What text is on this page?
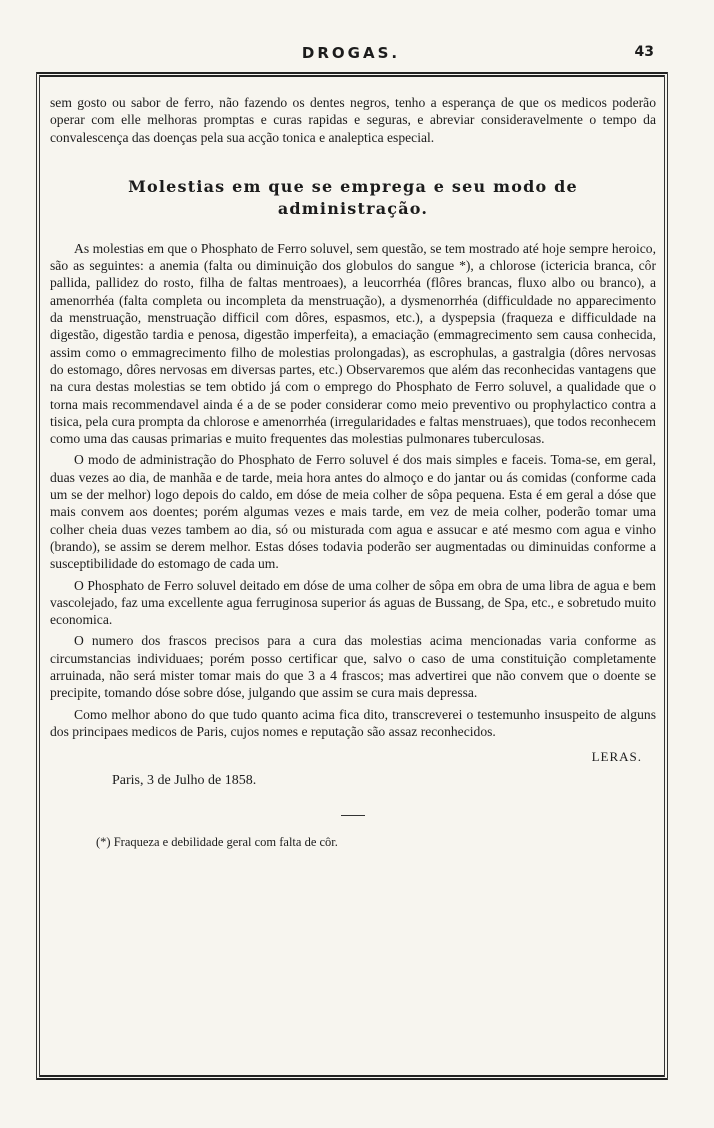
DROGAS.	43

sem gosto ou sabor de ferro, não fazendo os dentes negros, tenho a esperança de que os medicos poderão operar com elle melhoras promptas e curas rapidas e seguras, e abreviar consideravelmente o tempo da convalescença das doenças pela sua acção tonica e analeptica especial.

Molestias em que se emprega e seu modo de administração.

As molestias em que o Phosphato de Ferro soluvel, sem questão, se tem mostrado até hoje sempre heroico, são as seguintes: a anemia (falta ou diminuição dos globulos do sangue *), a chlorose (ictericia branca, côr pallida, pallidez do rosto, filha de faltas mentroaes), a leucorrhéa (flôres brancas, fluxo albo ou branco), a amenorrhéa (falta completa ou incompleta da menstruação), a dysmenorrhéa (difficuldade no apparecimento da menstruação, menstruação difficil com dôres, espasmos, etc.), a dyspepsia (fraqueza e difficuldade na digestão, digestão tardia e penosa, digestão imperfeita), a emaciação (emmagrecimento sem causa conhecida, assim como o emmagrecimento filho de molestias prolongadas), as escrophulas, a gastralgia (dôres nervosas do estomago, dôres nervosas em diversas partes, etc.) Observaremos que além das reconhecidas vantagens que na cura destas molestias se tem obtido já com o emprego do Phosphato de Ferro soluvel, a qualidade que o torna mais recommendavel ainda é a de se poder considerar como meio preventivo ou prophylactico contra a tisica, pela cura prompta da chlorose e amenorrhéa (irregularidades e faltas menstruaes), que todos reconhecem como uma das causas primarias e muito frequentes das molestias pulmonares tuberculosas.

O modo de administração do Phosphato de Ferro soluvel é dos mais simples e faceis. Toma-se, em geral, duas vezes ao dia, de manhãa e de tarde, meia hora antes do almoço e do jantar ou ás comidas (conforme cada um se der melhor) logo depois do caldo, em dóse de meia colher de sôpa pequena. Esta é em geral a dóse que mais convem aos doentes; porém algumas vezes e mais tarde, em vez de meia colher, poderão tomar uma colher cheia duas vezes tambem ao dia, só ou misturada com agua e assucar e até mesmo com agua e vinho (brando), se assim se derem melhor. Estas dóses todavia poderão ser augmentadas ou diminuidas conforme a susceptibilidade do estomago de cada um.

O Phosphato de Ferro soluvel deitado em dóse de uma colher de sôpa em obra de uma libra de agua e bem vascolejado, faz uma excellente agua ferruginosa superior ás aguas de Bussang, de Spa, etc., e sobretudo muito economica.

O numero dos frascos precisos para a cura das molestias acima mencionadas varia conforme as circumstancias individuaes; porém posso certificar que, salvo o caso de uma constituição completamente arruinada, não será mister tomar mais do que 3 a 4 frascos; mas advertirei que não convem que o doente se precipite, tomando dóse sobre dóse, julgando que assim se cura mais depressa.

Como melhor abono do que tudo quanto acima fica dito, transcreverei o testemunho insuspeito de alguns dos principaes medicos de Paris, cujos nomes e reputação são assaz reconhecidos.

LERAS.

Paris, 3 de Julho de 1858.

(*) Fraqueza e debilidade geral com falta de côr.
